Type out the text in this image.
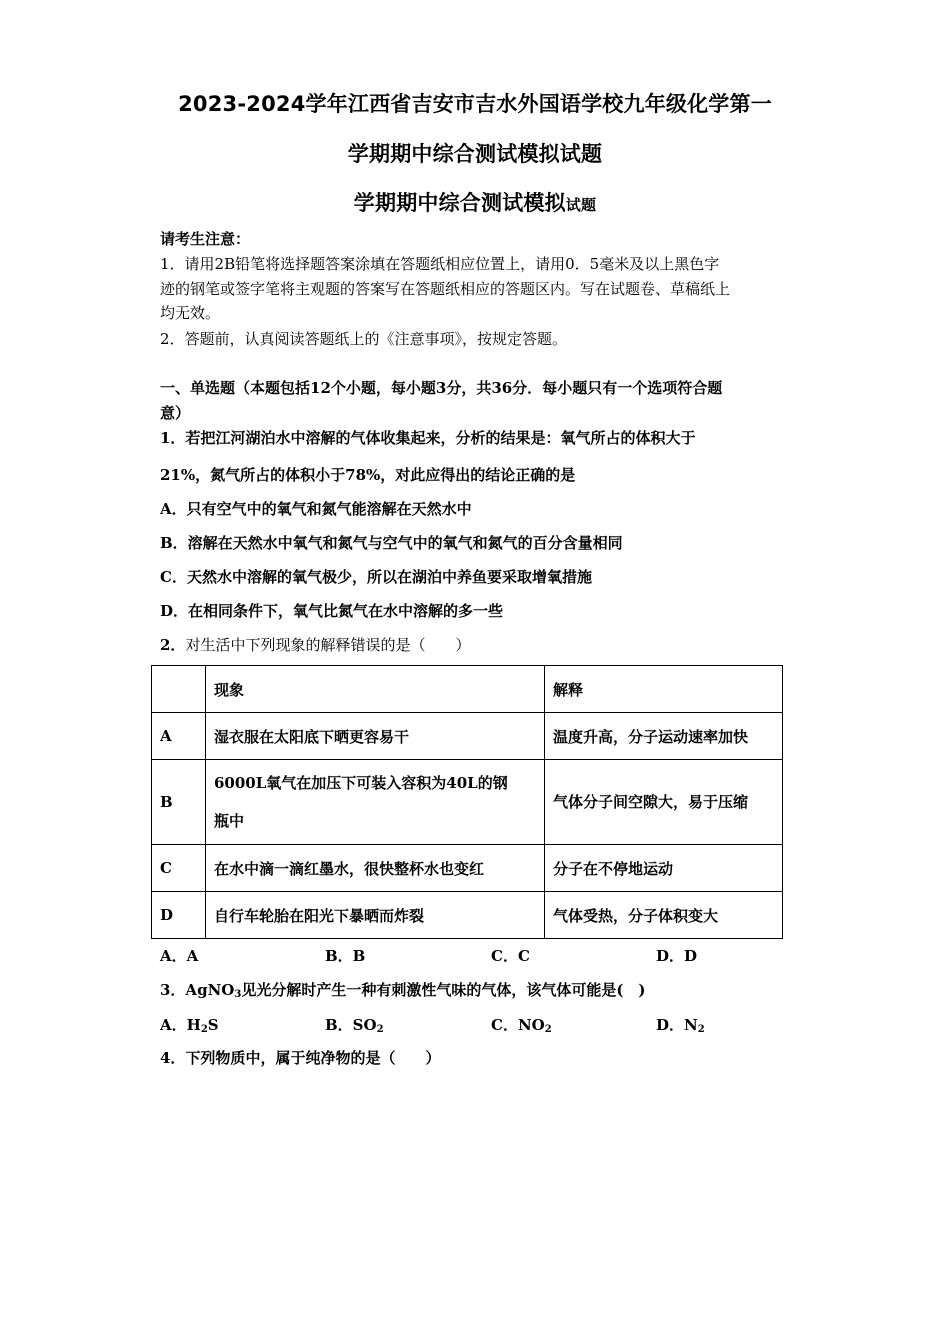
2023-2024学年江西省吉安市吉水外国语学校九年级化学第一
学期期中综合测试模拟试题
学期期中综合测试模拟试题
请考生注意：
1．请用2B铅笔将选择题答案涂填在答题纸相应位置上，请用0．5毫米及以上黑色字
迹的钢笔或签字笔将主观题的答案写在答题纸相应的答题区内。写在试题卷、草稿纸上
均无效。
2．答题前，认真阅读答题纸上的《注意事项》，按规定答题。
一、单选题（本题包括12个小题，每小题3分，共36分．每小题只有一个选项符合题
意）
1．若把江河湖泊水中溶解的气体收集起来，分析的结果是：氧气所占的体积大于
21%，氮气所占的体积小于78%，对此应得出的结论正确的是
A．只有空气中的氧气和氮气能溶解在天然水中
B．溶解在天然水中氧气和氮气与空气中的氧气和氮气的百分含量相同
C．天然水中溶解的氧气极少，所以在湖泊中养鱼要采取增氧措施
D．在相同条件下，氧气比氮气在水中溶解的多一些
2．对生活中下列现象的解释错误的是（　　）
	现象	解释
A	湿衣服在太阳底下晒更容易干	温度升高，分子运动速率加快
B	6000L氧气在加压下可装入容积为40L的钢
瓶中	气体分子间空隙大，易于压缩
C	在水中滴一滴红墨水，很快整杯水也变红	分子在不停地运动
D	自行车轮胎在阳光下暴晒而炸裂	气体受热，分子体积变大
A．A	B．B	C．C	D．D
3．AgNO$_3$见光分解时产生一种有刺激性气味的气体，该气体可能是(　)
A．$H_2S$	B．$SO_2$	C．$NO_2$	D．$N_2$
4．下列物质中，属于纯净物的是（　　）
